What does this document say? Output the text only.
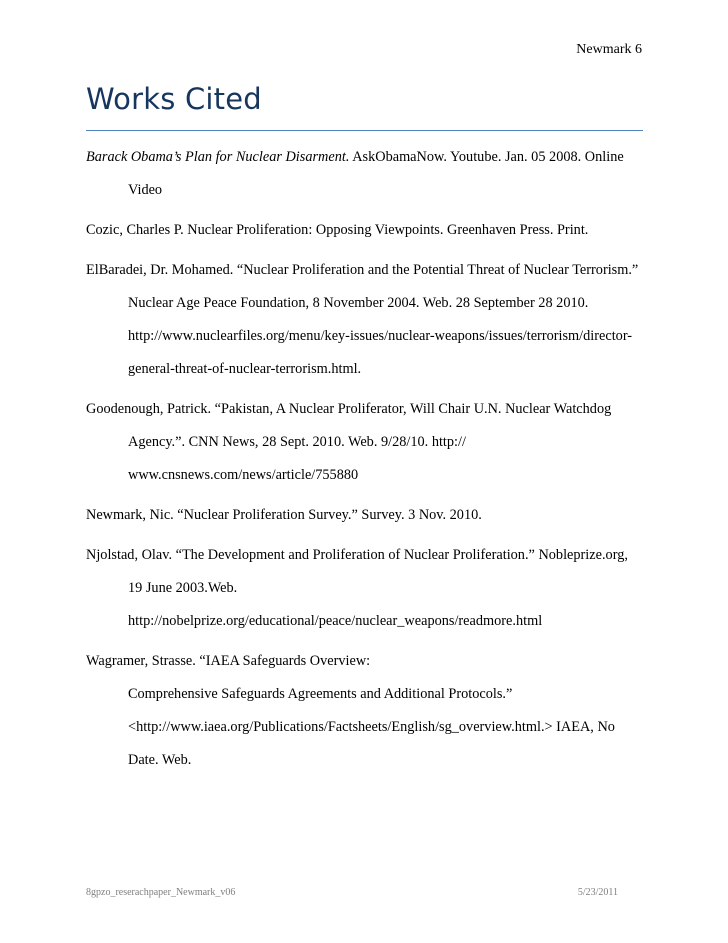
Newmark 6
Works Cited
Barack Obama’s Plan for Nuclear Disarment. AskObamaNow. Youtube. Jan. 05 2008. Online
Video
Cozic, Charles P. Nuclear Proliferation: Opposing Viewpoints. Greenhaven Press. Print.
ElBaradei, Dr. Mohamed. “Nuclear Proliferation and the Potential Threat of Nuclear Terrorism.”
Nuclear Age Peace Foundation, 8 November 2004. Web. 28 September 28 2010.
http://www.nuclearfiles.org/menu/key-issues/nuclear-weapons/issues/terrorism/director-
general-threat-of-nuclear-terrorism.html.
Goodenough, Patrick. “Pakistan, A Nuclear Proliferator, Will Chair U.N. Nuclear Watchdog
Agency.”. CNN News, 28 Sept. 2010. Web. 9/28/10. http://
www.cnsnews.com/news/article/755880
Newmark, Nic. “Nuclear Proliferation Survey.” Survey. 3 Nov. 2010.
Njolstad, Olav. “The Development and Proliferation of Nuclear Proliferation.” Nobleprize.org,
19 June 2003.Web.
http://nobelprize.org/educational/peace/nuclear_weapons/readmore.html
Wagramer, Strasse. “IAEA Safeguards Overview:
Comprehensive Safeguards Agreements and Additional Protocols.”
<http://www.iaea.org/Publications/Factsheets/English/sg_overview.html.> IAEA, No
Date. Web.
8gpzo_reserachpaper_Newmark_v06	5/23/2011
